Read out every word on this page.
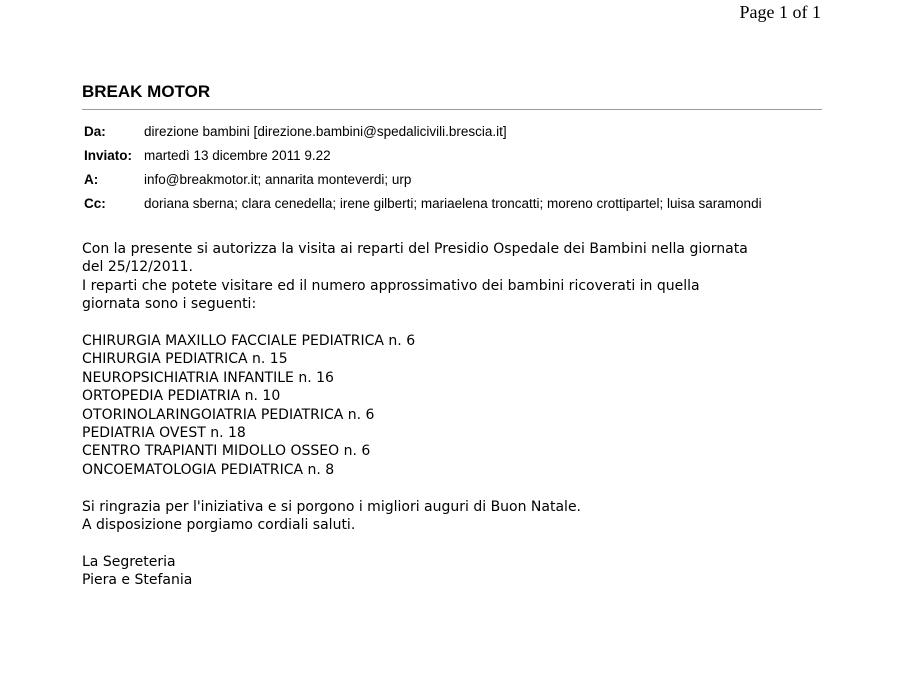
Page 1 of 1
BREAK MOTOR
Da:	direzione bambini [direzione.bambini@spedalicivili.brescia.it]
Inviato: martedì 13 dicembre 2011 9.22
A:	info@breakmotor.it; annarita monteverdi; urp
Cc:	doriana sberna; clara cenedella; irene gilberti; mariaelena troncatti; moreno crottipartel; luisa saramondi

Con la presente si autorizza la visita ai reparti del Presidio Ospedale dei Bambini nella giornata

del 25/12/2011.

I reparti che potete visitare ed il numero approssimativo dei bambini ricoverati in quella

giornata sono i seguenti:

CHIRURGIA MAXILLO FACCIALE PEDIATRICA n. 6

CHIRURGIA PEDIATRICA n. 15

NEUROPSICHIATRIA INFANTILE n. 16

ORTOPEDIA PEDIATRIA n. 10

OTORINOLARINGOIATRIA PEDIATRICA n. 6

PEDIATRIA OVEST n. 18

CENTRO TRAPIANTI MIDOLLO OSSEO n. 6

ONCOEMATOLOGIA PEDIATRICA n. 8

Si ringrazia per l'iniziativa e si porgono i migliori auguri di Buon Natale.

A disposizione porgiamo cordiali saluti.

La Segreteria

Piera e Stefania
